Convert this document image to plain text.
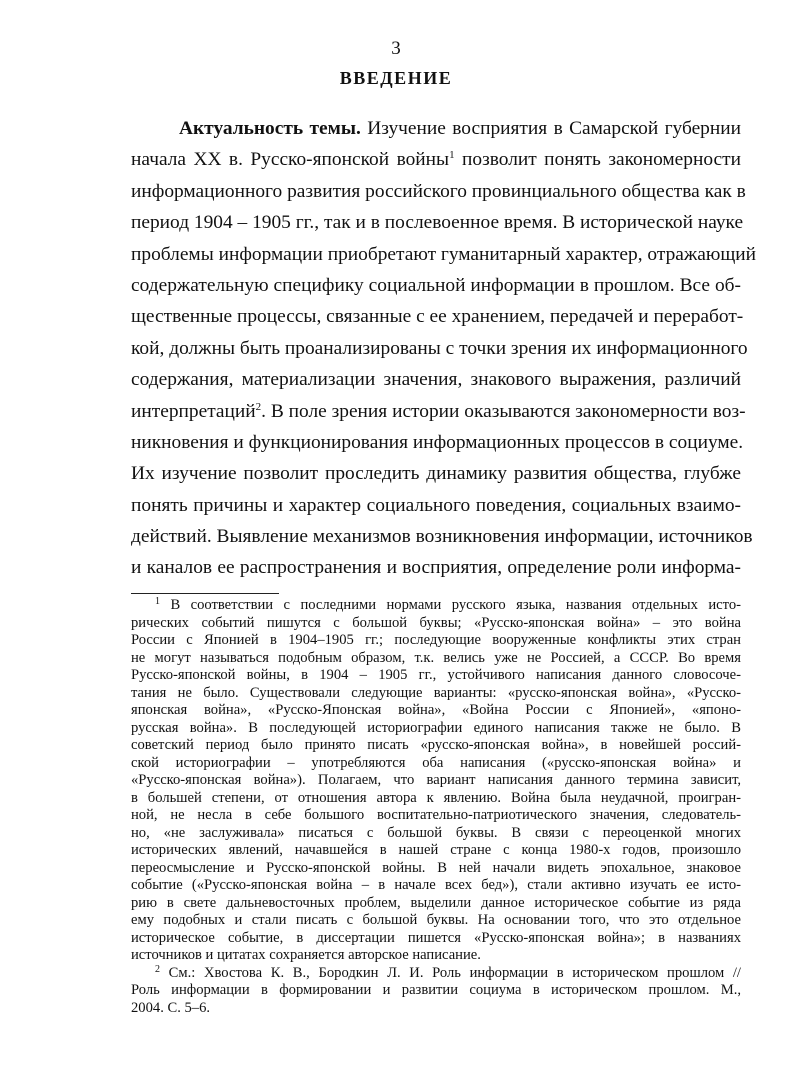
3
ВВЕДЕНИЕ
Актуальность темы. Изучение восприятия в Самарской губернии
начала XX в. Русско-японской войны$^1$ позволит понять закономерности
информационного развития российского провинциального общества как в
период 1904 – 1905 гг., так и в послевоенное время. В исторической науке
проблемы информации приобретают гуманитарный характер, отражающий
содержательную специфику социальной информации в прошлом. Все об-
щественные процессы, связанные с ее хранением, передачей и переработ-
кой, должны быть проанализированы с точки зрения их информационного
содержания, материализации значения, знакового выражения, различий
интерпретаций$^2$. В поле зрения истории оказываются закономерности воз-
никновения и функционирования информационных процессов в социуме.
Их изучение позволит проследить динамику развития общества, глубже
понять причины и характер социального поведения, социальных взаимо-
действий. Выявление механизмов возникновения информации, источников
и каналов ее распространения и восприятия, определение роли информа-
$^1$ В соответствии с последними нормами русского языка, названия отдельных исто-
рических событий пишутся с большой буквы; «Русско-японская война» – это война
России с Японией в 1904–1905 гг.; последующие вооруженные конфликты этих стран
не могут называться подобным образом, т.к. велись уже не Россией, а СССР. Во время
Русско-японской войны, в 1904 – 1905 гг., устойчивого написания данного словосоче-
тания не было. Существовали следующие варианты: «русско-японская война», «Русско-
японская война», «Русско-Японская война», «Война России с Японией», «японо-
русская война». В последующей историографии единого написания также не было. В
советский период было принято писать «русско-японская война», в новейшей россий-
ской историографии – употребляются оба написания («русско-японская война» и
«Русско-японская война»). Полагаем, что вариант написания данного термина зависит,
в большей степени, от отношения автора к явлению. Война была неудачной, проигран-
ной, не несла в себе большого воспитательно-патриотического значения, следователь-
но, «не заслуживала» писаться с большой буквы. В связи с переоценкой многих
исторических явлений, начавшейся в нашей стране с конца 1980-х годов, произошло
переосмысление и Русско-японской войны. В ней начали видеть эпохальное, знаковое
событие («Русско-японская война – в начале всех бед»), стали активно изучать ее исто-
рию в свете дальневосточных проблем, выделили данное историческое событие из ряда
ему подобных и стали писать с большой буквы. На основании того, что это отдельное
историческое событие, в диссертации пишется «Русско-японская война»; в названиях
источников и цитатах сохраняется авторское написание.
$^2$ См.: Хвостова К. В., Бородкин Л. И. Роль информации в историческом прошлом //
Роль информации в формировании и развитии социума в историческом прошлом. М.,
2004. С. 5–6.
